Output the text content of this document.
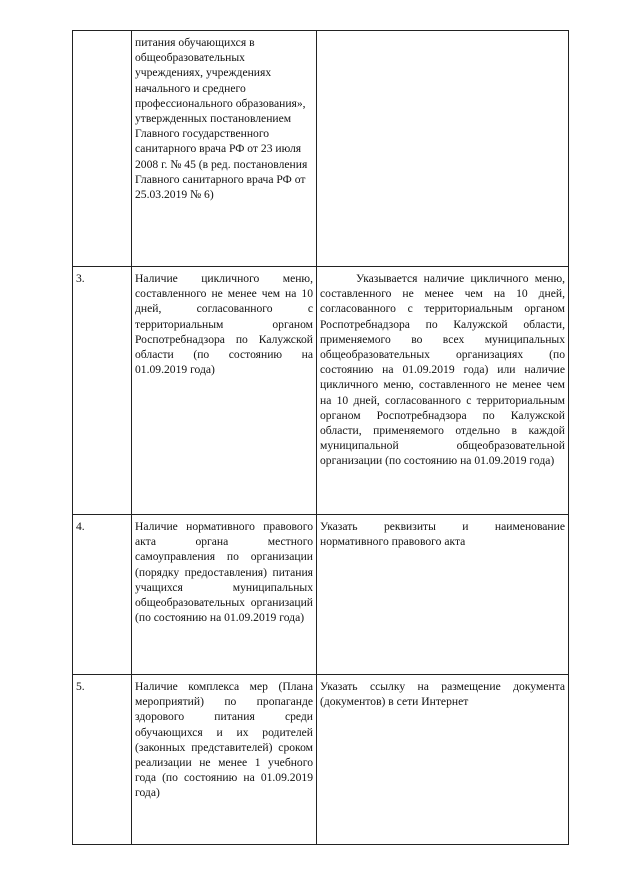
	питания обучающихся в общеобразовательных учреждениях, учреждениях начального и среднего профессионального образования», утвержденных постановлением Главного государственного санитарного врача РФ от 23 июля 2008 г. № 45 (в ред. постановления Главного санитарного врача РФ от 25.03.2019 № 6)	
3.	Наличие цикличного меню, составленного не менее чем на 10 дней, согласованного с территориальным органом Роспотребнадзора по Калужской области (по состоянию на 01.09.2019 года)	Указывается наличие цикличного меню, составленного не менее чем на 10 дней, согласованного с территориальным органом Роспотребнадзора по Калужской области, применяемого во всех муниципальных общеобразовательных организациях (по состоянию на 01.09.2019 года) или наличие цикличного меню, составленного не менее чем на 10 дней, согласованного с территориальным органом Роспотребнадзора по Калужской области, применяемого отдельно в каждой муниципальной общеобразовательной организации (по состоянию на 01.09.2019 года)
4.	Наличие нормативного правового акта органа местного самоуправления по организации (порядку предоставления) питания учащихся муниципальных общеобразовательных организаций (по состоянию на 01.09.2019 года)	Указать реквизиты и наименование нормативного правового акта
5.	Наличие комплекса мер (Плана мероприятий) по пропаганде здорового питания среди обучающихся и их родителей (законных представителей) сроком реализации не менее 1 учебного года (по состоянию на 01.09.2019 года)	Указать ссылку на размещение документа (документов) в сети Интернет
